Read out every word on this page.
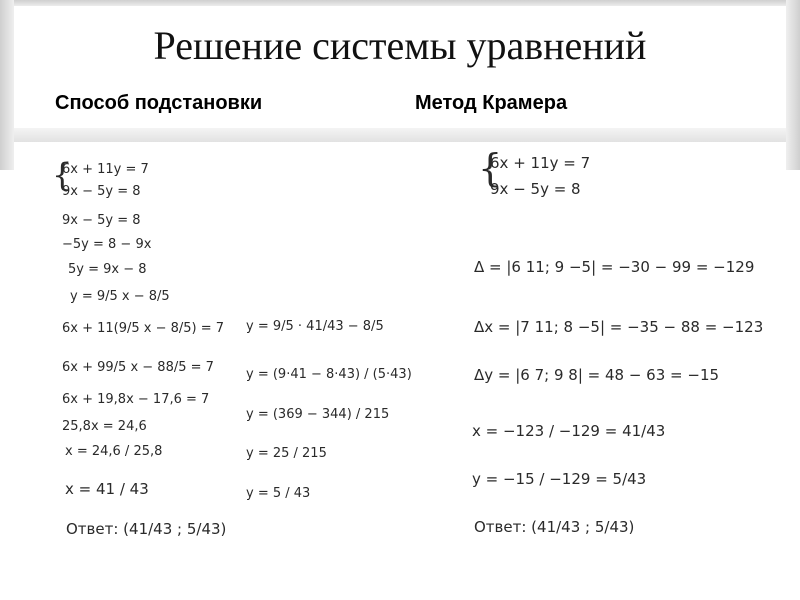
Решение системы уравнений
Способ подстановки	Метод Крамера
{
6x + 11y = 7
9x − 5y = 8
9x − 5y = 8
−5y = 8 − 9x
5y = 9x − 8
y = 9/5 x − 8/5
6x + 11(9/5 x − 8/5) = 7
6x + 99/5 x − 88/5 = 7
6x + 19,8x − 17,6 = 7
25,8x = 24,6
x = 24,6 / 25,8
x = 41 / 43
Ответ: (41/43 ; 5/43)
y = 9/5 · 41/43 − 8/5
y = (9·41 − 8·43) / (5·43)
y = (369 − 344) / 215
y = 25 / 215
y = 5 / 43
{
6x + 11y = 7
9x − 5y = 8
Δ = |6 11; 9 −5| = −30 − 99 = −129
Δx = |7 11; 8 −5| = −35 − 88 = −123
Δy = |6 7; 9 8| = 48 − 63 = −15
x = −123 / −129 = 41/43
y = −15 / −129 = 5/43
Ответ: (41/43 ; 5/43)
